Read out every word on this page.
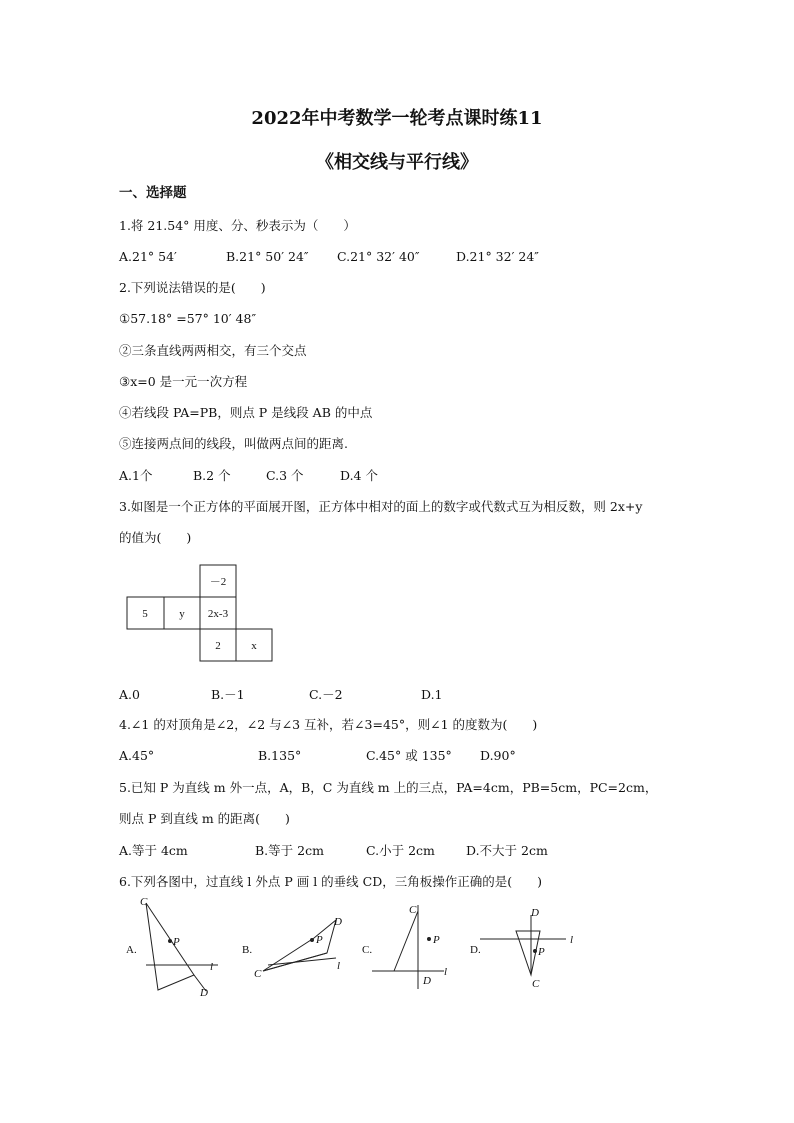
2022年中考数学一轮考点课时练11
《相交线与平行线》
一、选择题
1.将 21.54° 用度、分、秒表示为（　　）
A.21° 54′	B.21° 50′ 24″ C.21° 32′ 40″	D.21° 32′ 24″
2.下列说法错误的是(　　)
①57.18° =57° 10′ 48″
②三条直线两两相交，有三个交点
③x=0 是一元一次方程
④若线段 PA=PB，则点 P 是线段 AB 的中点
⑤连接两点间的线段，叫做两点间的距离.
A.1个	B.2 个	C.3 个	D.4 个
3.如图是一个正方体的平面展开图，正方体中相对的面上的数字或代数式互为相反数，则 2x+y
的值为(　　)
－2
5	y 2x-3
2	x
A.0	B.－1	C.－2	D.1
4.∠1 的对顶角是∠2，∠2 与∠3 互补，若∠3=45°，则∠1 的度数为(　　)
A.45°	B.135°	C.45° 或 135° D.90°
5.已知 P 为直线 m 外一点，A，B，C 为直线 m 上的三点，PA=4cm，PB=5cm，PC=2cm，
则点 P 到直线 m 的距离(　　)
A.等于 4cm	B.等于 2cm	C.小于 2cm D.不大于 2cm
6.下列各图中，过直线 l 外点 P 画 l 的垂线 CD，三角板操作正确的是(　　)
A.
C
P
D
l
B.
C
P
D
l
C.
C
P
D
l
D.
D
P
C
l
